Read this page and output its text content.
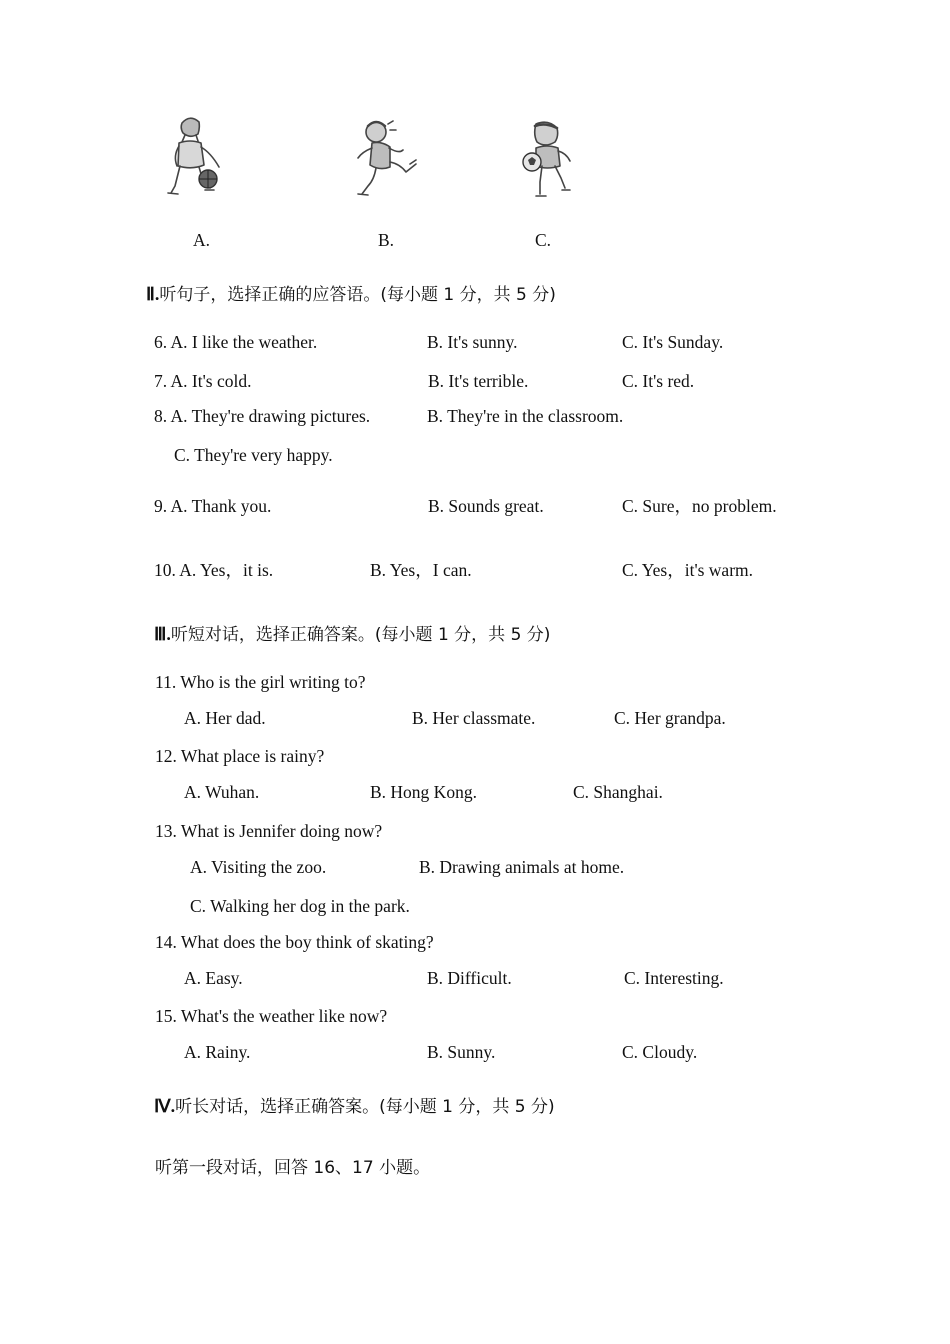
A.	B.	C.
Ⅱ.听句子，选择正确的应答语。(每小题 1 分，共 5 分)
6. A. I like the weather.	B. It's sunny.	C. It's Sunday.
7. A. It's cold.	B. It's terrible.	C. It's red.
8. A. They're drawing pictures.	B. They're in the classroom.
C. They're very happy.
9. A. Thank you.	B. Sounds great.	C. Sure，no problem.
10. A. Yes，it is.	B. Yes，I can.	C. Yes，it's warm.
Ⅲ.听短对话，选择正确答案。(每小题 1 分，共 5 分)
11. Who is the girl writing to?
A. Her dad.	B. Her classmate.	C. Her grandpa.
12. What place is rainy?
A. Wuhan.	B. Hong Kong.	C. Shanghai.
13. What is Jennifer doing now?
A. Visiting the zoo.	B. Drawing animals at home.
C. Walking her dog in the park.
14. What does the boy think of skating?
A. Easy.	B. Difficult.	C. Interesting.
15. What's the weather like now?
A. Rainy.	B. Sunny.	C. Cloudy.
Ⅳ.听长对话，选择正确答案。(每小题 1 分，共 5 分)
听第一段对话，回答 16、17 小题。
